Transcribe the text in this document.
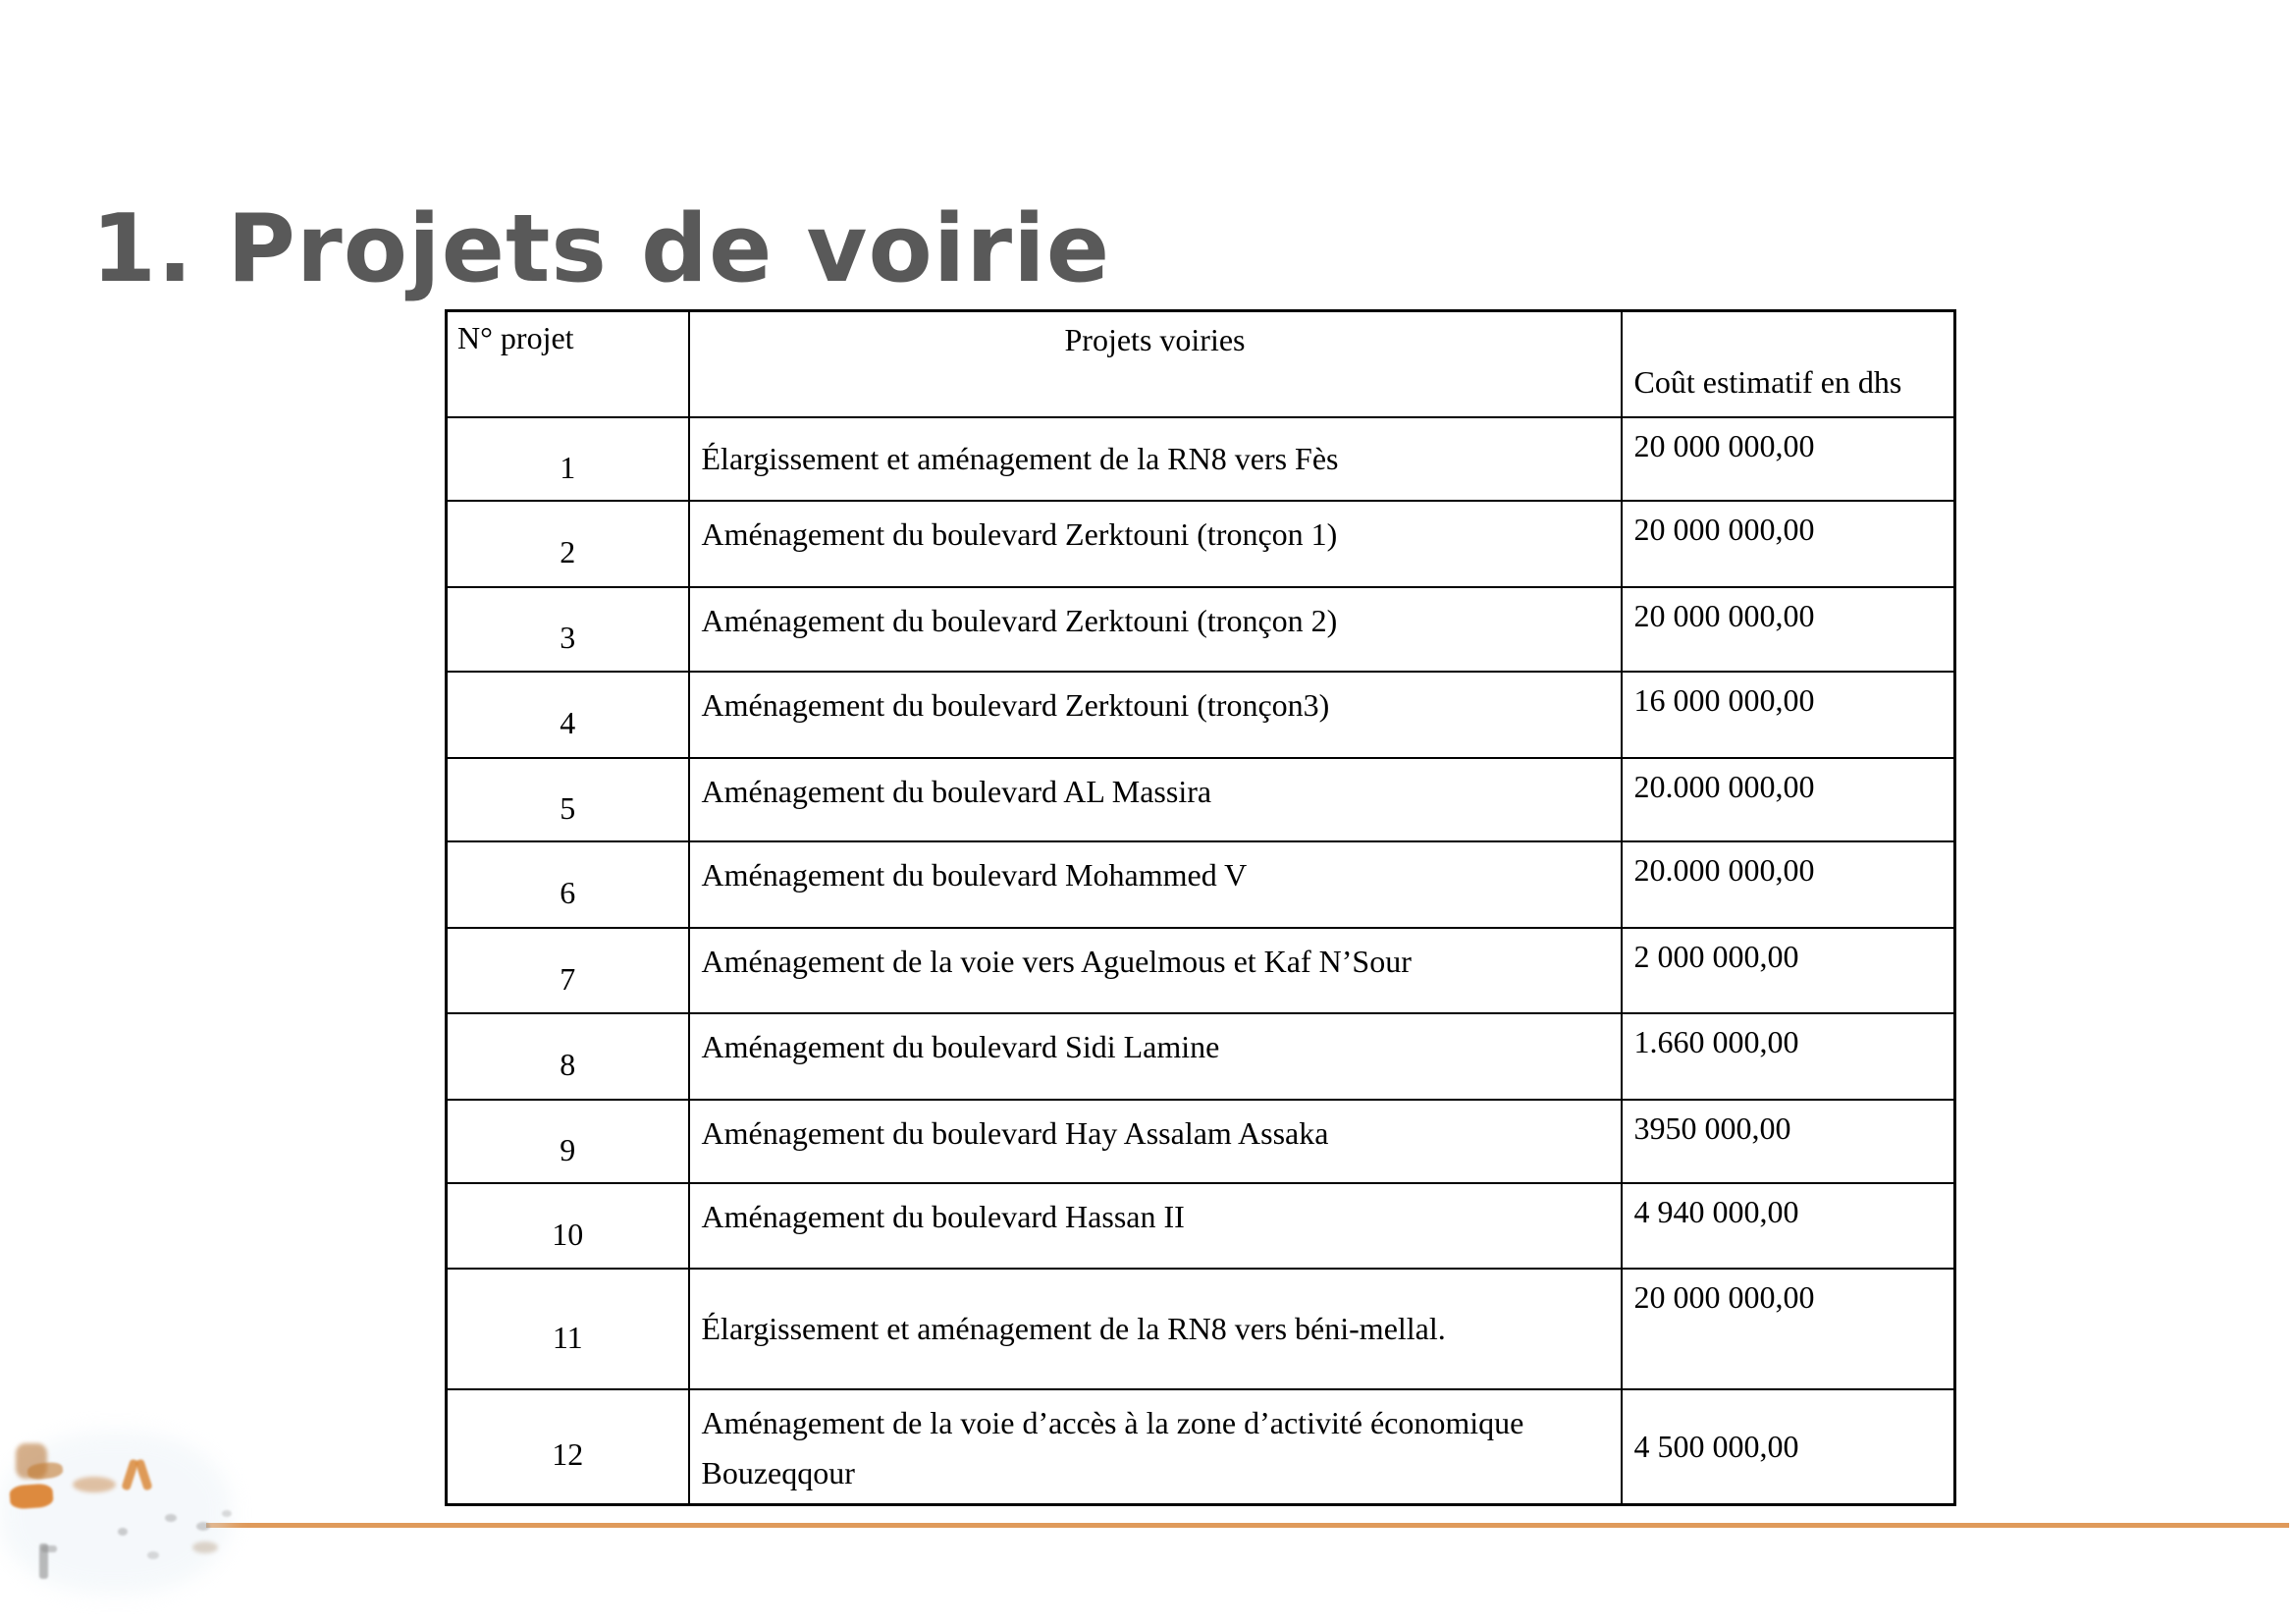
1. Projets de voirie
N° projet	Projets voiries	Coût estimatif en dhs
1	Élargissement et aménagement de la RN8 vers Fès	20 000 000,00
2	Aménagement du boulevard Zerktouni (tronçon 1)	20 000 000,00
3	Aménagement du boulevard Zerktouni (tronçon 2)	20 000 000,00
4	Aménagement du boulevard Zerktouni (tronçon3)	16 000 000,00
5	Aménagement du boulevard AL Massira	20.000 000,00
6	Aménagement du boulevard Mohammed V	20.000 000,00
7	Aménagement de la voie vers Aguelmous et Kaf N’Sour	2 000 000,00
8	Aménagement du boulevard Sidi Lamine	1.660 000,00
9	Aménagement du boulevard Hay Assalam Assaka	3950 000,00
10	Aménagement du boulevard Hassan II	4 940 000,00
11	Élargissement et aménagement de la RN8 vers béni-mellal.	20 000 000,00
12	Aménagement de la voie d’accès à la zone d’activité économique Bouzeqqour	4 500 000,00
